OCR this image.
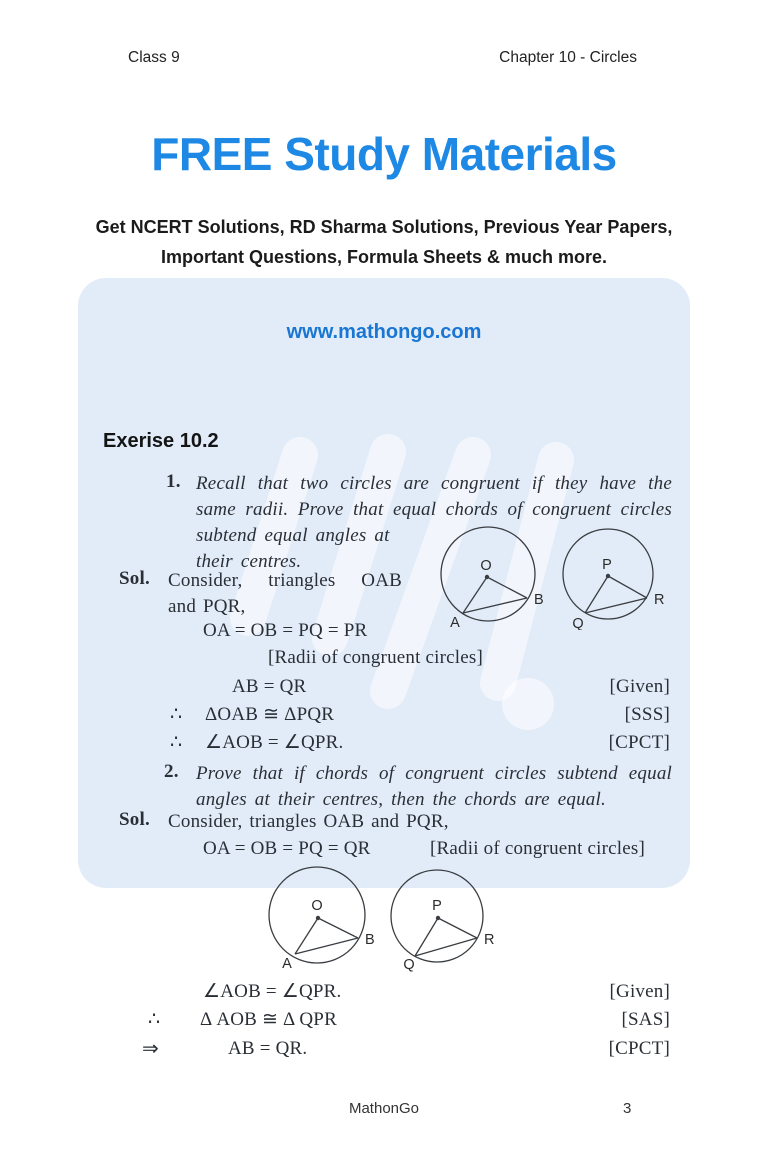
Class 9	Chapter 10 - Circles
FREE Study Materials
Get NCERT Solutions, RD Sharma Solutions, Previous Year Papers,
Important Questions, Formula Sheets & much more.
www.mathongo.com
Exerise 10.2
1. Recall that two circles are congruent if they have the
same radii. Prove that equal chords of congruent circles
subtend equal angles at
their centres.
Sol. Consider, triangles OAB
and PQR,
OA = OB = PQ = PR
[Radii of congruent circles]
AB = QR	[Given]
∴ ΔOAB ≅ ΔPQR	[SSS]
∴ ∠AOB = ∠QPR.	[CPCT]
2. Prove that if chords of congruent circles subtend equal
angles at their centres, then the chords are equal.
Sol. Consider, triangles OAB and PQR,
OA = OB = PQ = QR	[Radii of congruent circles]
O
A
B
P
Q
R
O
A
B
P
Q
R
∠AOB = ∠QPR.	[Given]
∴ Δ AOB ≅ Δ QPR	[SAS]
⇒	AB = QR.	[CPCT]
MathonGo	3
